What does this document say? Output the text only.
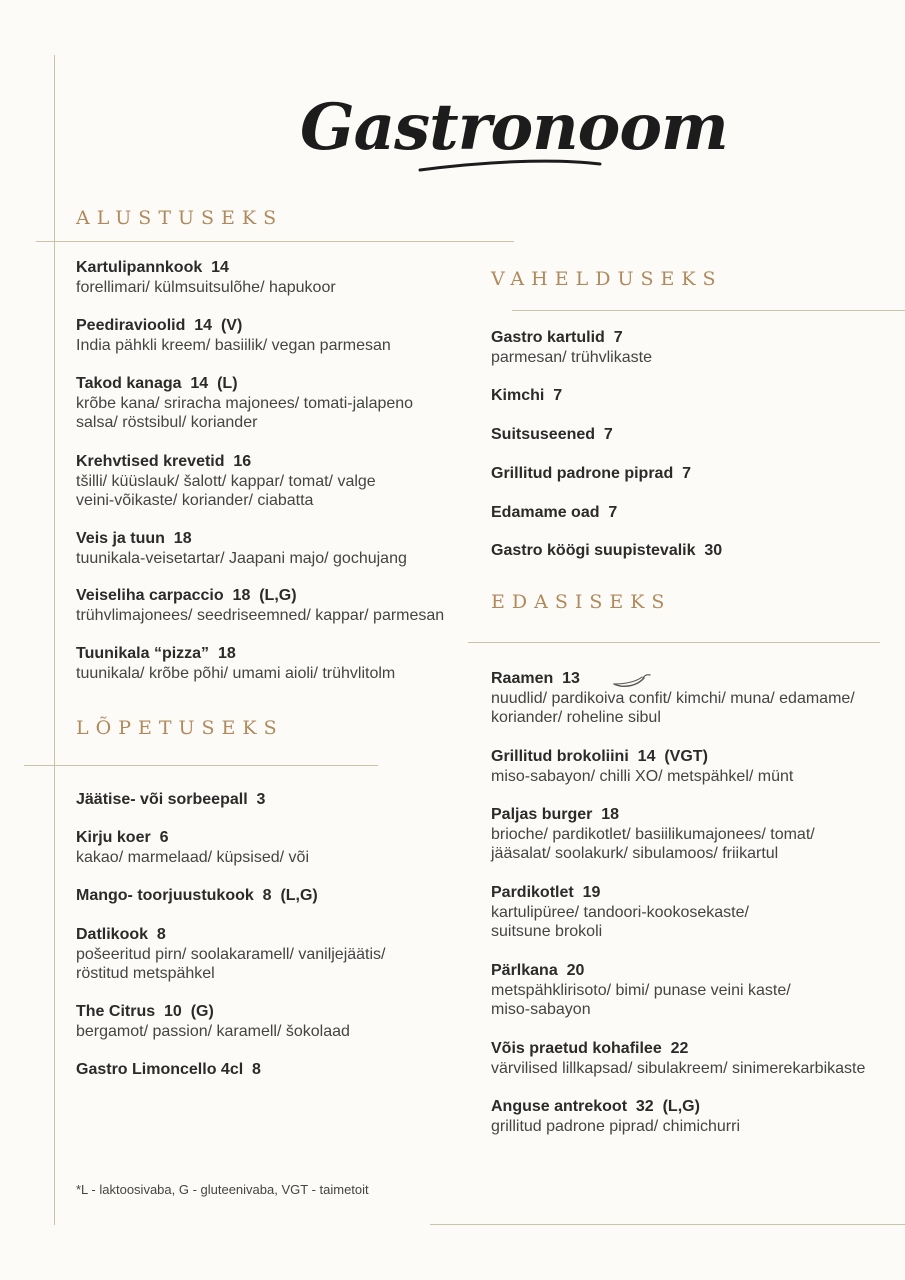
Gastronoom
ALUSTUSEKS
VAHELDUSEKS
EDASISEKS
LÕPETUSEKS
Kartulipannkook  14
forellimari/ külmsuitsulõhe/ hapukoor
Peediravioolid  14  (V)
India pähkli kreem/ basiilik/ vegan parmesan
Takod kanaga  14  (L)
krõbe kana/ sriracha majonees/ tomati-jalapeno salsa/ röstsibul/ koriander
Krehvtised krevetid  16
tšilli/ küüslauk/ šalott/ kappar/ tomat/ valge veini-võikaste/ koriander/ ciabatta
Veis ja tuun  18
tuunikala-veisetartar/ Jaapani majo/ gochujang
Veiseliha carpaccio  18  (L,G)
trühvlimajonees/ seedriseemned/ kappar/ parmesan
Tuunikala “pizza”  18
tuunikala/ krõbe põhi/ umami aioli/ trühvlitolm
Jäätise- või sorbeepall  3
Kirju koer  6
kakao/ marmelaad/ küpsised/ või
Mango- toorjuustukook  8  (L,G)
Datlikook  8
pošeeritud pirn/ soolakaramell/ vaniljejäätis/ röstitud metspähkel
The Citrus  10  (G)
bergamot/ passion/ karamell/ šokolaad
Gastro Limoncello 4cl  8
Gastro kartulid  7
parmesan/ trühvlikaste
Kimchi  7
Suitsuseened  7
Grillitud padrone piprad  7
Edamame oad  7
Gastro köögi suupistevalik  30
Raamen  13
nuudlid/ pardikoiva confit/ kimchi/ muna/ edamame/ koriander/ roheline sibul
Grillitud brokoliini  14  (VGT)
miso-sabayon/ chilli XO/ metspähkel/ münt
Paljas burger  18
brioche/ pardikotlet/ basiilikumajonees/ tomat/ jääsalat/ soolakurk/ sibulamoos/ friikartul
Pardikotlet  19
kartulipüree/ tandoori-kookosekaste/ suitsune brokoli
Pärlkana  20
metspähklirisoto/ bimi/ punase veini kaste/ miso-sabayon
Võis praetud kohafilee  22
värvilised lillkapsad/ sibulakreem/ sinimerekarbikaste
Anguse antrekoot  32  (L,G)
grillitud padrone piprad/ chimichurri
*L - laktoosivaba, G - gluteenivaba, VGT - taimetoit
